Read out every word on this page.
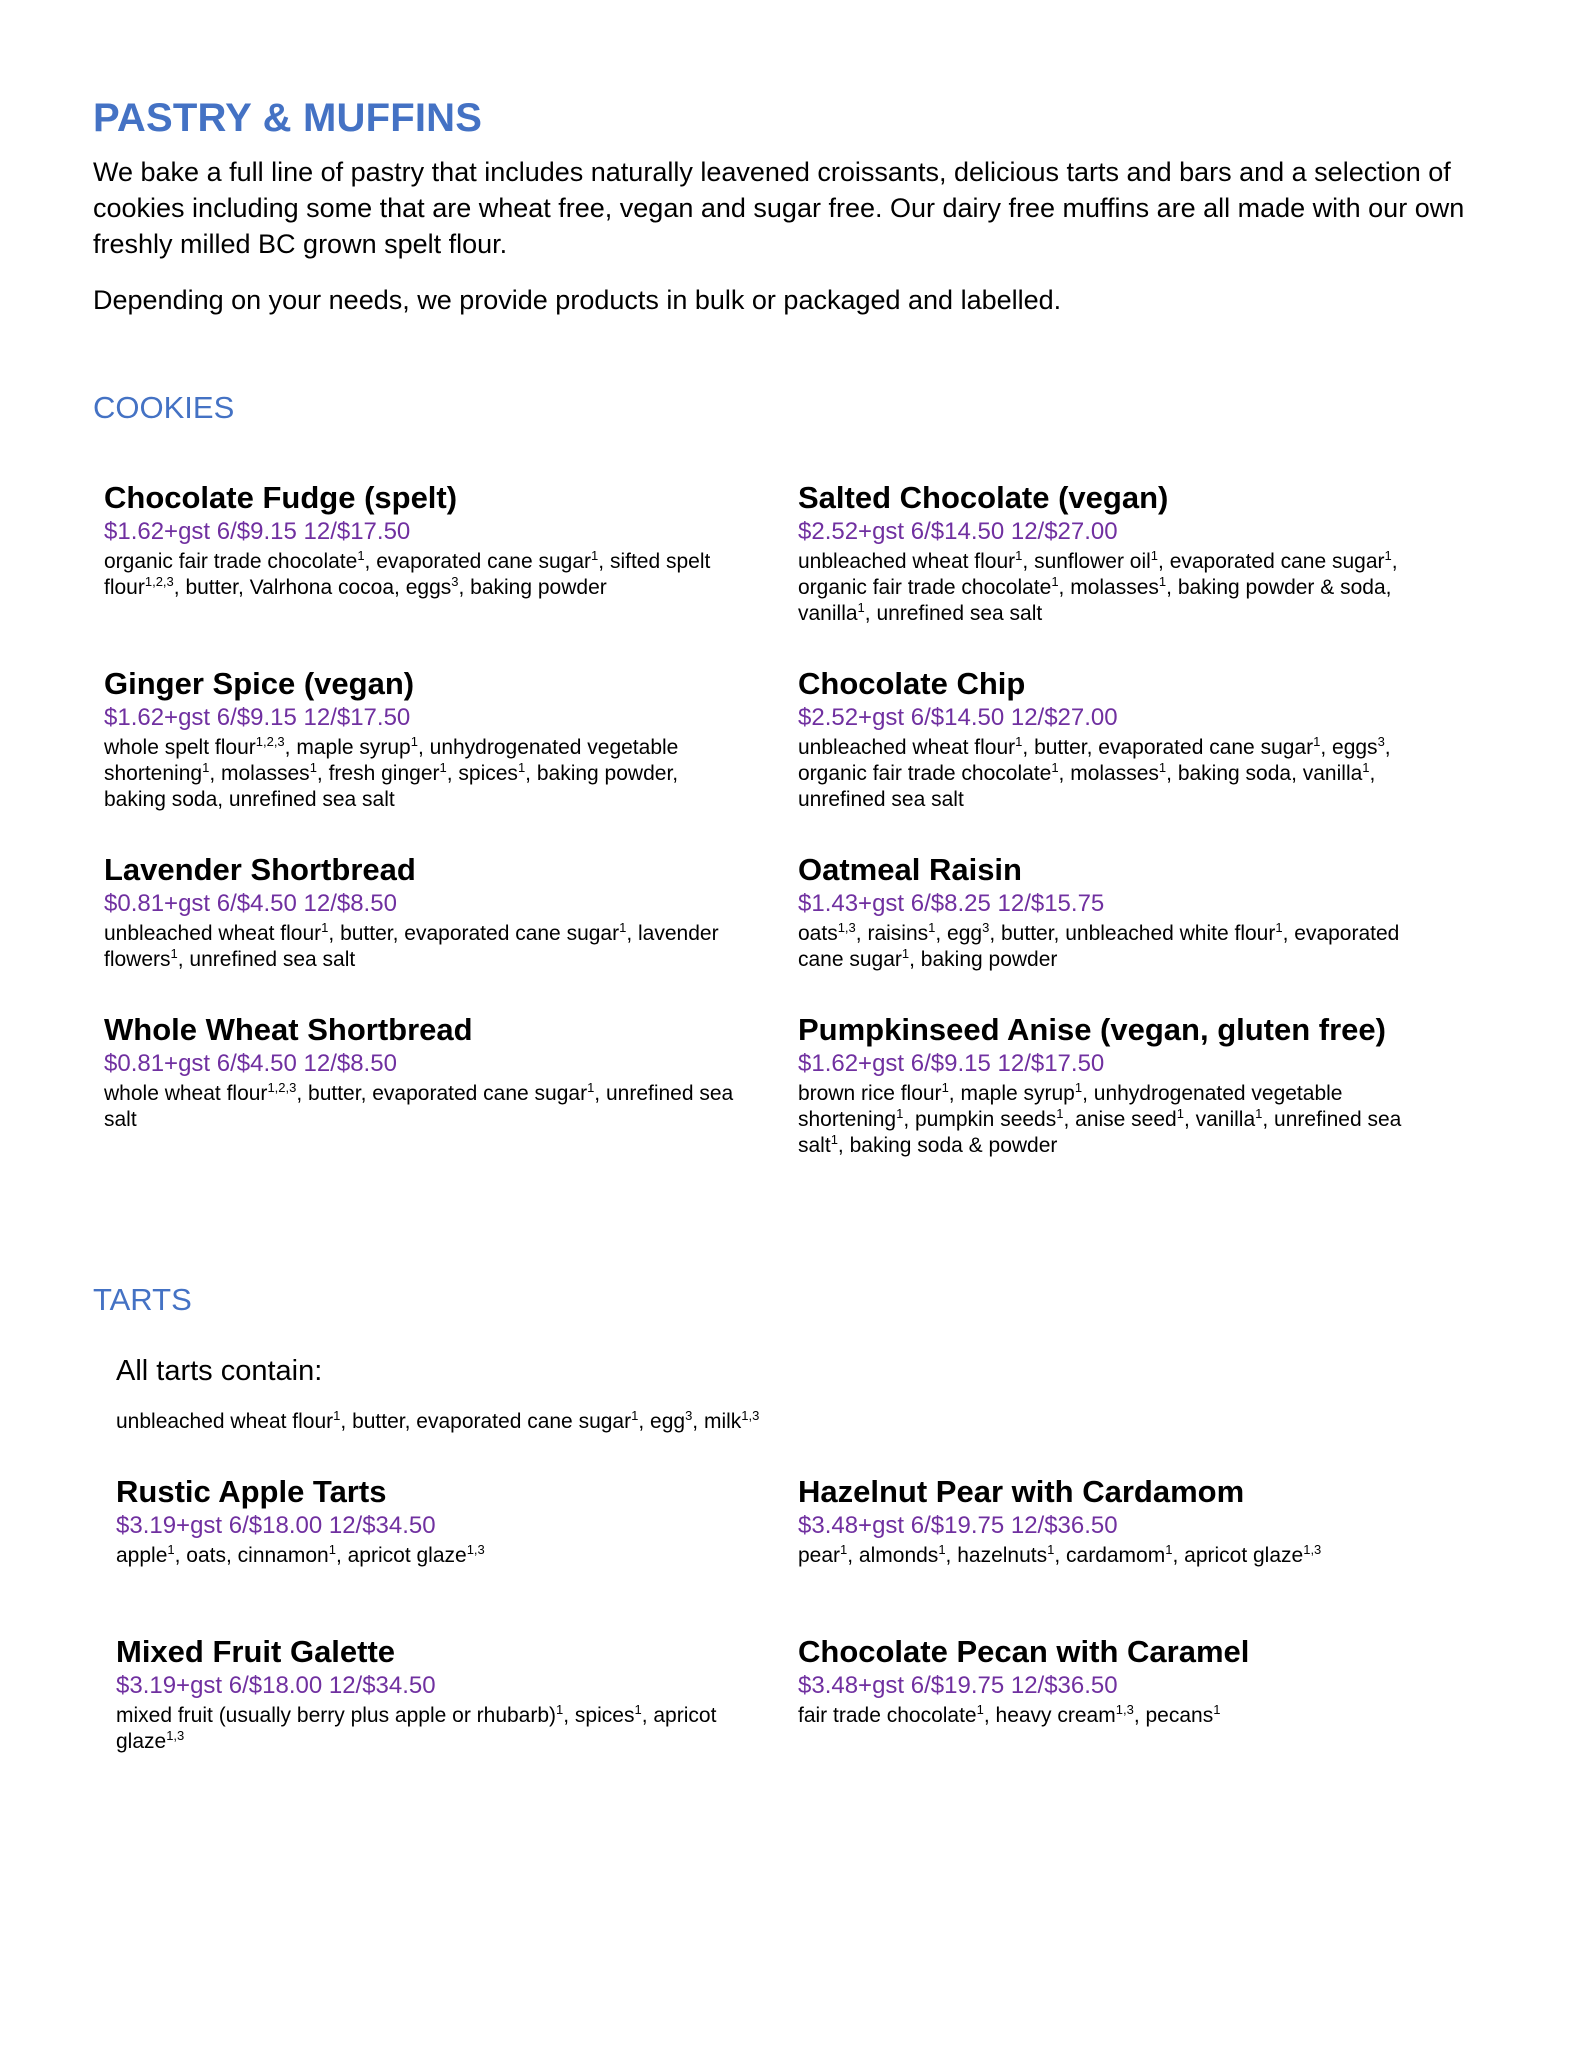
PASTRY & MUFFINS

We bake a full line of pastry that includes naturally leavened croissants, delicious tarts and bars and a selection of cookies including some that are wheat free, vegan and sugar free. Our dairy free muffins are all made with our own freshly milled BC grown spelt flour.

Depending on your needs, we provide products in bulk or packaged and labelled.

COOKIES
Chocolate Fudge (spelt)
$1.62+gst 6/$9.15 12/$17.50
organic fair trade chocolate$^1$, evaporated cane sugar$^1$, sifted spelt flour$^{1,2,3}$, butter, Valrhona cocoa, eggs$^3$, baking powder
Salted Chocolate (vegan)
$2.52+gst 6/$14.50 12/$27.00
unbleached wheat flour$^1$, sunflower oil$^1$, evaporated cane sugar$^1$, organic fair trade chocolate$^1$, molasses$^1$, baking powder & soda, vanilla$^1$, unrefined sea salt
Ginger Spice (vegan)
$1.62+gst 6/$9.15 12/$17.50
whole spelt flour$^{1,2,3}$, maple syrup$^1$, unhydrogenated vegetable shortening$^1$, molasses$^1$, fresh ginger$^1$, spices$^1$, baking powder, baking soda, unrefined sea salt
Chocolate Chip
$2.52+gst 6/$14.50 12/$27.00
unbleached wheat flour$^1$, butter, evaporated cane sugar$^1$, eggs$^3$, organic fair trade chocolate$^1$, molasses$^1$, baking soda, vanilla$^1$, unrefined sea salt
Lavender Shortbread
$0.81+gst 6/$4.50 12/$8.50
unbleached wheat flour$^1$, butter, evaporated cane sugar$^1$, lavender flowers$^1$, unrefined sea salt
Oatmeal Raisin
$1.43+gst 6/$8.25 12/$15.75
oats$^{1,3}$, raisins$^1$, egg$^3$, butter, unbleached white flour$^1$, evaporated cane sugar$^1$, baking powder
Whole Wheat Shortbread
$0.81+gst 6/$4.50 12/$8.50
whole wheat flour$^{1,2,3}$, butter, evaporated cane sugar$^1$, unrefined sea salt
Pumpkinseed Anise (vegan, gluten free)
$1.62+gst 6/$9.15 12/$17.50
brown rice flour$^1$, maple syrup$^1$, unhydrogenated vegetable shortening$^1$, pumpkin seeds$^1$, anise seed$^1$, vanilla$^1$, unrefined sea salt$^1$, baking soda & powder
TARTS
All tarts contain:
unbleached wheat flour$^1$, butter, evaporated cane sugar$^1$, egg$^3$, milk$^{1,3}$
Rustic Apple Tarts
$3.19+gst 6/$18.00 12/$34.50
apple$^1$, oats, cinnamon$^1$, apricot glaze$^{1,3}$
Hazelnut Pear with Cardamom
$3.48+gst 6/$19.75 12/$36.50
pear$^1$, almonds$^1$, hazelnuts$^1$, cardamom$^1$, apricot glaze$^{1,3}$
Mixed Fruit Galette
$3.19+gst 6/$18.00 12/$34.50
mixed fruit (usually berry plus apple or rhubarb)$^1$, spices$^1$, apricot glaze$^{1,3}$
Chocolate Pecan with Caramel
$3.48+gst 6/$19.75 12/$36.50
fair trade chocolate$^1$, heavy cream$^{1,3}$, pecans$^1$
